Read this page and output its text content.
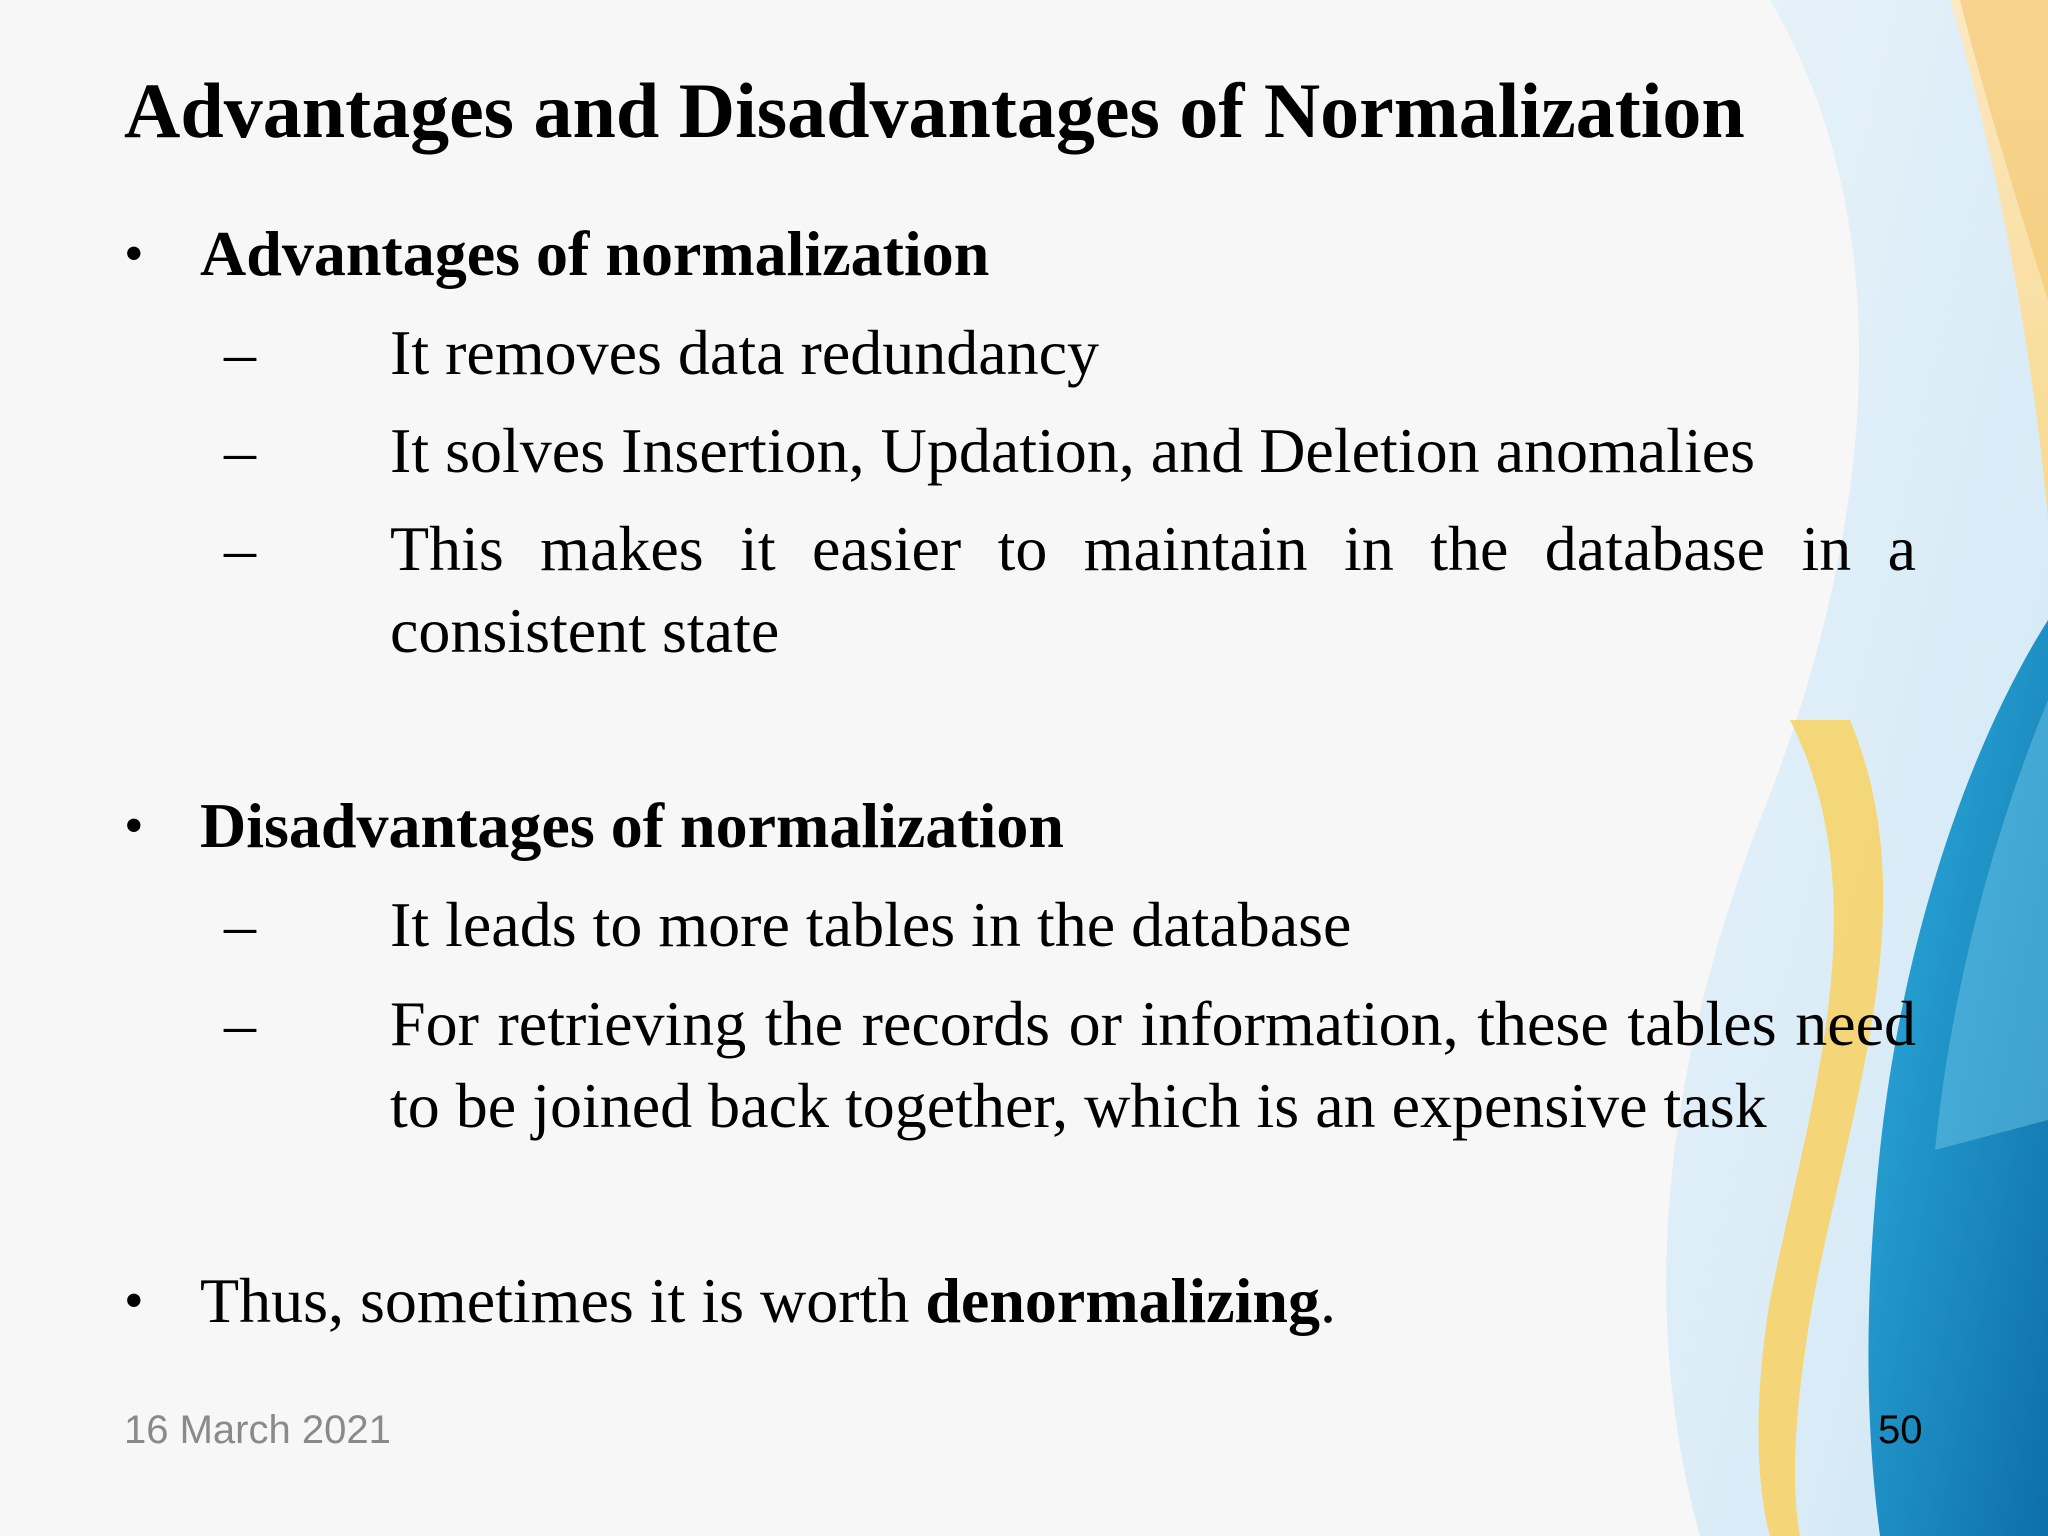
Advantages and Disadvantages of Normalization
• Advantages of normalization
– It removes data redundancy
– It solves Insertion, Updation, and Deletion anomalies
– This makes it easier to maintain in the database in a consistent state
• Disadvantages of normalization
– It leads to more tables in the database
– For retrieving the records or information, these tables need to be joined back together, which is an expensive task
• Thus, sometimes it is worth denormalizing.
16 March 2021	50
